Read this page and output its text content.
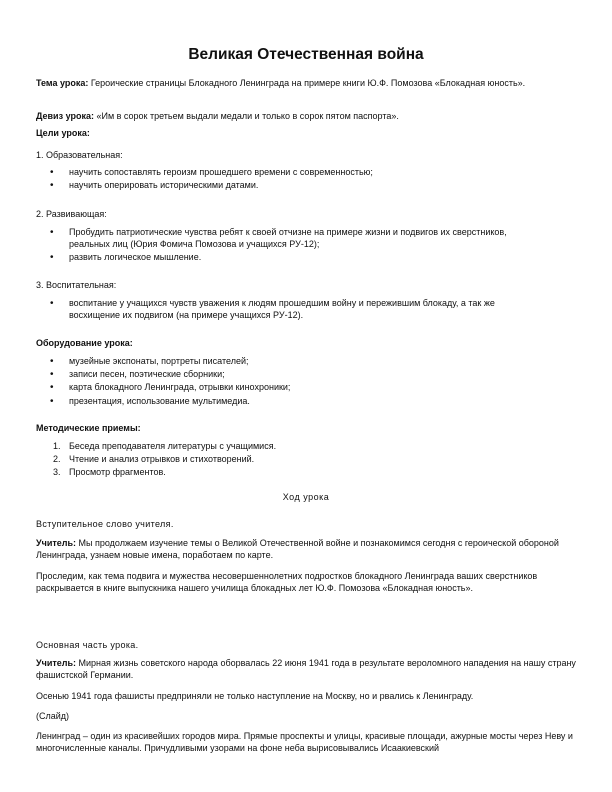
Великая Отечественная война
Тема урока: Героические страницы Блокадного Ленинграда на примере книги Ю.Ф. Помозова «Блокадная юность».
Девиз урока: «Им в сорок третьем выдали медали и только в сорок пятом паспорта».
Цели урока:
1. Образовательная:
• научить сопоставлять героизм прошедшего времени с современностью;
• научить оперировать историческими датами.
2. Развивающая:
• Пробудить патриотические чувства ребят к своей отчизне на примере жизни и подвигов их сверстников, реальных лиц (Юрия Фомича Помозова и учащихся РУ-12);
• развить логическое мышление.
3. Воспитательная:
• воспитание у учащихся чувств уважения к людям прошедшим войну и пережившим блокаду, а так же восхищение их подвигом (на примере учащихся РУ-12).
Оборудование урока:
• музейные экспонаты, портреты писателей;
• записи песен, поэтические сборники;
• карта блокадного Ленинграда, отрывки кинохроники;
• презентация, использование мультимедиа.
Методические приемы:
1. Беседа преподавателя литературы с учащимися.
2. Чтение и анализ отрывков и стихотворений.
3. Просмотр фрагментов.
Ход урока
Вступительное слово учителя.
Учитель: Мы продолжаем изучение темы о Великой Отечественной войне и познакомимся сегодня с героической обороной Ленинграда, узнаем новые имена, поработаем по карте.
Проследим, как тема подвига и мужества несовершеннолетних подростков блокадного Ленинграда ваших сверстников раскрывается в книге выпускника нашего училища блокадных лет Ю.Ф. Помозова «Блокадная юность».
Основная часть урока.
Учитель: Мирная жизнь советского народа оборвалась 22 июня 1941 года в результате вероломного нападения на нашу страну фашистской Германии.
Осенью 1941 года фашисты предприняли не только наступление на Москву, но и рвались к Ленинграду.
(Слайд)
Ленинград – один из красивейших городов мира. Прямые проспекты и улицы, красивые площади, ажурные мосты через Неву и многочисленные каналы. Причудливыми узорами на фоне неба вырисовывались Исаакиевский
